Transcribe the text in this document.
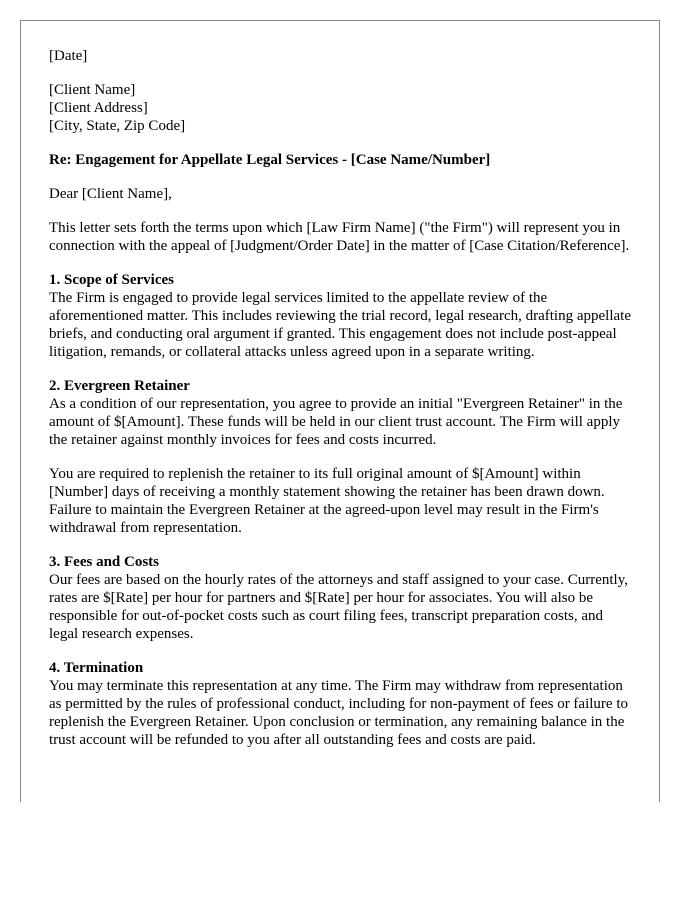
[Date]

[Client Name]
[Client Address]
[City, State, Zip Code]

Re: Engagement for Appellate Legal Services - [Case Name/Number]

Dear [Client Name],

This letter sets forth the terms upon which [Law Firm Name] ("the Firm") will represent you in connection with the appeal of [Judgment/Order Date] in the matter of [Case Citation/Reference].

1. Scope of Services

The Firm is engaged to provide legal services limited to the appellate review of the aforementioned matter. This includes reviewing the trial record, legal research, drafting appellate briefs, and conducting oral argument if granted. This engagement does not include post-appeal litigation, remands, or collateral attacks unless agreed upon in a separate writing.

2. Evergreen Retainer

As a condition of our representation, you agree to provide an initial "Evergreen Retainer" in the amount of $[Amount]. These funds will be held in our client trust account. The Firm will apply the retainer against monthly invoices for fees and costs incurred.

You are required to replenish the retainer to its full original amount of $[Amount] within [Number] days of receiving a monthly statement showing the retainer has been drawn down. Failure to maintain the Evergreen Retainer at the agreed-upon level may result in the Firm's withdrawal from representation.

3. Fees and Costs

Our fees are based on the hourly rates of the attorneys and staff assigned to your case. Currently, rates are $[Rate] per hour for partners and $[Rate] per hour for associates. You will also be responsible for out-of-pocket costs such as court filing fees, transcript preparation costs, and legal research expenses.

4. Termination

You may terminate this representation at any time. The Firm may withdraw from representation as permitted by the rules of professional conduct, including for non-payment of fees or failure to replenish the Evergreen Retainer. Upon conclusion or termination, any remaining balance in the trust account will be refunded to you after all outstanding fees and costs are paid.
